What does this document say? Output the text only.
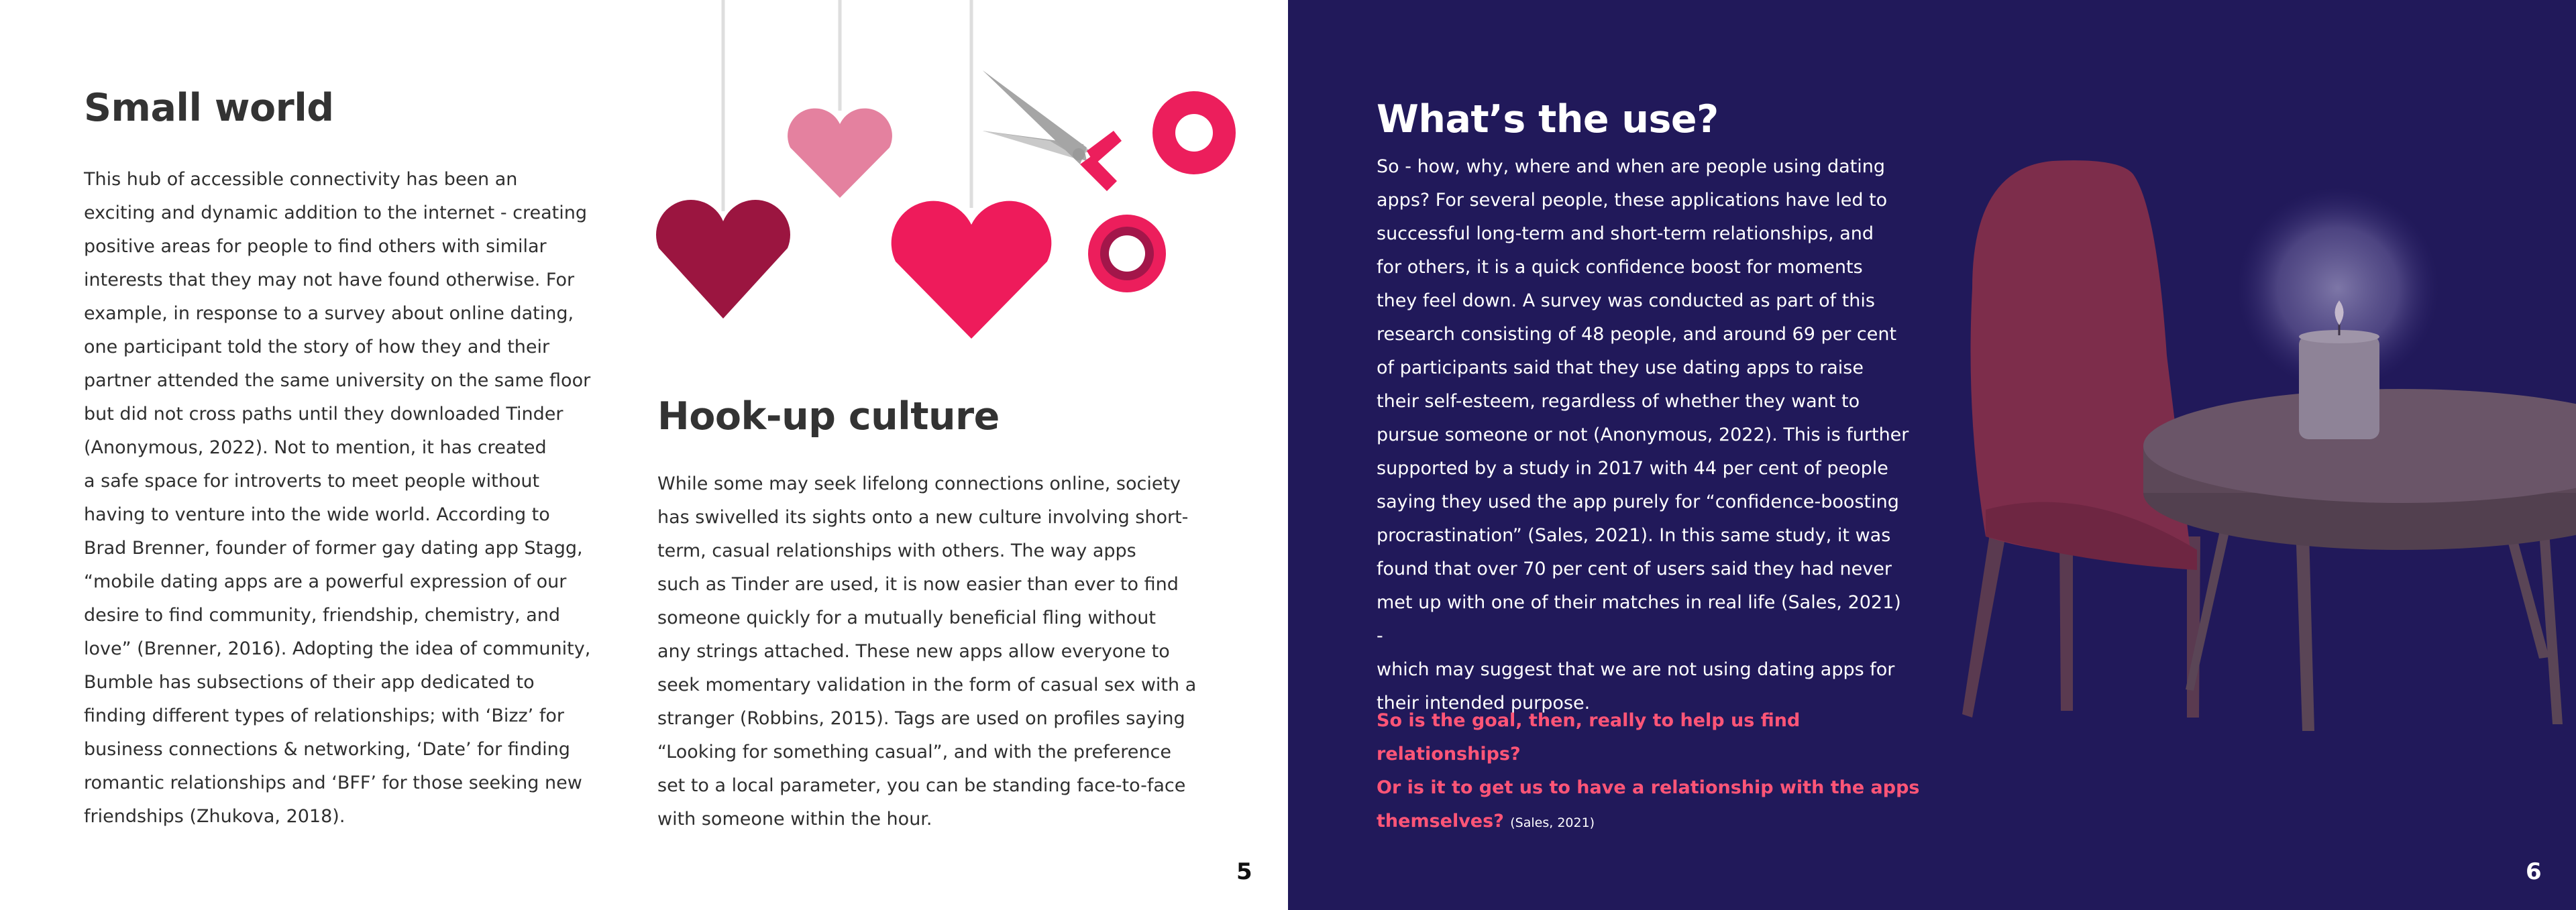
Small world

This hub of accessible connectivity has been an
exciting and dynamic addition to the internet - creating
positive areas for people to find others with similar
interests that they may not have found otherwise. For
example, in response to a survey about online dating,
one participant told the story of how they and their
partner attended the same university on the same floor
but did not cross paths until they downloaded Tinder
(Anonymous, 2022). Not to mention, it has created
a safe space for introverts to meet people without
having to venture into the wide world. According to
Brad Brenner, founder of former gay dating app Stagg,
“mobile dating apps are a powerful expression of our
desire to find community, friendship, chemistry, and
love” (Brenner, 2016). Adopting the idea of community,
Bumble has subsections of their app dedicated to
finding different types of relationships; with ‘Bizz’ for
business connections & networking, ‘Date’ for finding
romantic relationships and ‘BFF’ for those seeking new
friendships (Zhukova, 2018).

Hook-up culture

While some may seek lifelong connections online, society
has swivelled its sights onto a new culture involving short-
term, casual relationships with others. The way apps
such as Tinder are used, it is now easier than ever to find
someone quickly for a mutually beneficial fling without
any strings attached. These new apps allow everyone to
seek momentary validation in the form of casual sex with a
stranger (Robbins, 2015). Tags are used on profiles saying
“Looking for something casual”, and with the preference
set to a local parameter, you can be standing face-to-face
with someone within the hour.

5
What’s the use?

So - how, why, where and when are people using dating
apps? For several people, these applications have led to
successful long-term and short-term relationships, and
for others, it is a quick confidence boost for moments
they feel down. A survey was conducted as part of this
research consisting of 48 people, and around 69 per cent
of participants said that they use dating apps to raise
their self-esteem, regardless of whether they want to
pursue someone or not (Anonymous, 2022). This is further
supported by a study in 2017 with 44 per cent of people
saying they used the app purely for “confidence-boosting
procrastination” (Sales, 2021). In this same study, it was
found that over 70 per cent of users said they had never
met up with one of their matches in real life (Sales, 2021) -
which may suggest that we are not using dating apps for
their intended purpose.

So is the goal, then, really to help us find relationships?
Or is it to get us to have a relationship with the apps
themselves? (Sales, 2021)

6
